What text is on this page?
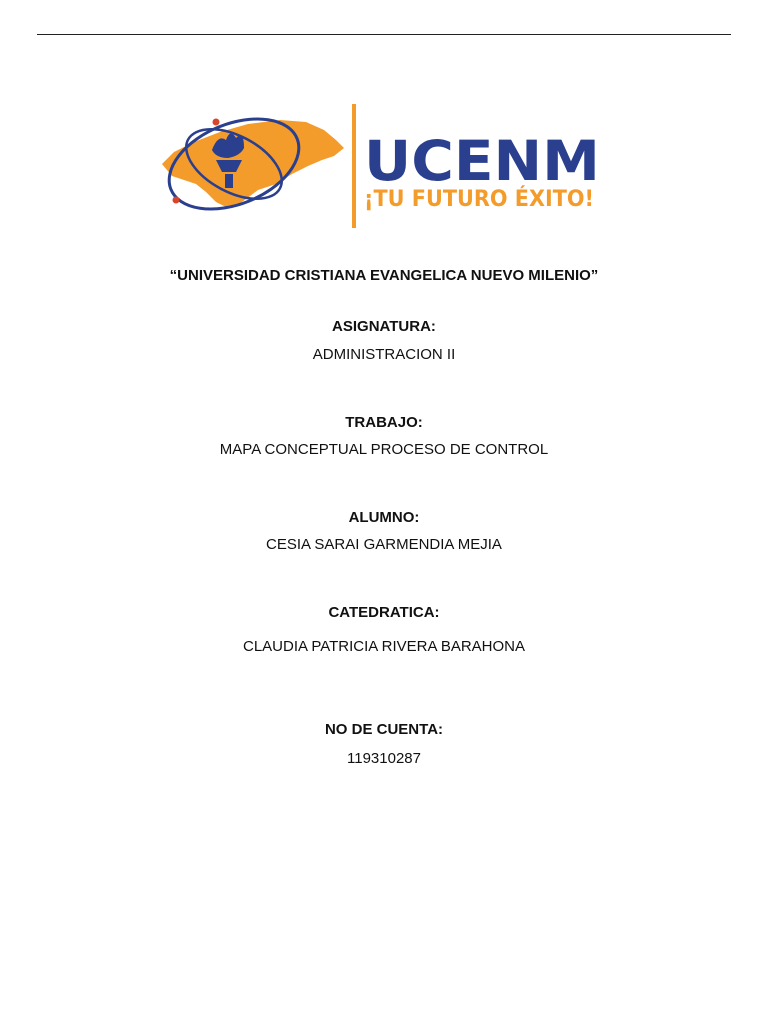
UCENM
¡TU FUTURO ÉXITO!
“UNIVERSIDAD CRISTIANA EVANGELICA NUEVO MILENIO”
ASIGNATURA:
ADMINISTRACION II
TRABAJO:
MAPA CONCEPTUAL PROCESO DE CONTROL
ALUMNO:
CESIA SARAI GARMENDIA MEJIA
CATEDRATICA:
CLAUDIA PATRICIA RIVERA BARAHONA
NO DE CUENTA:
119310287
